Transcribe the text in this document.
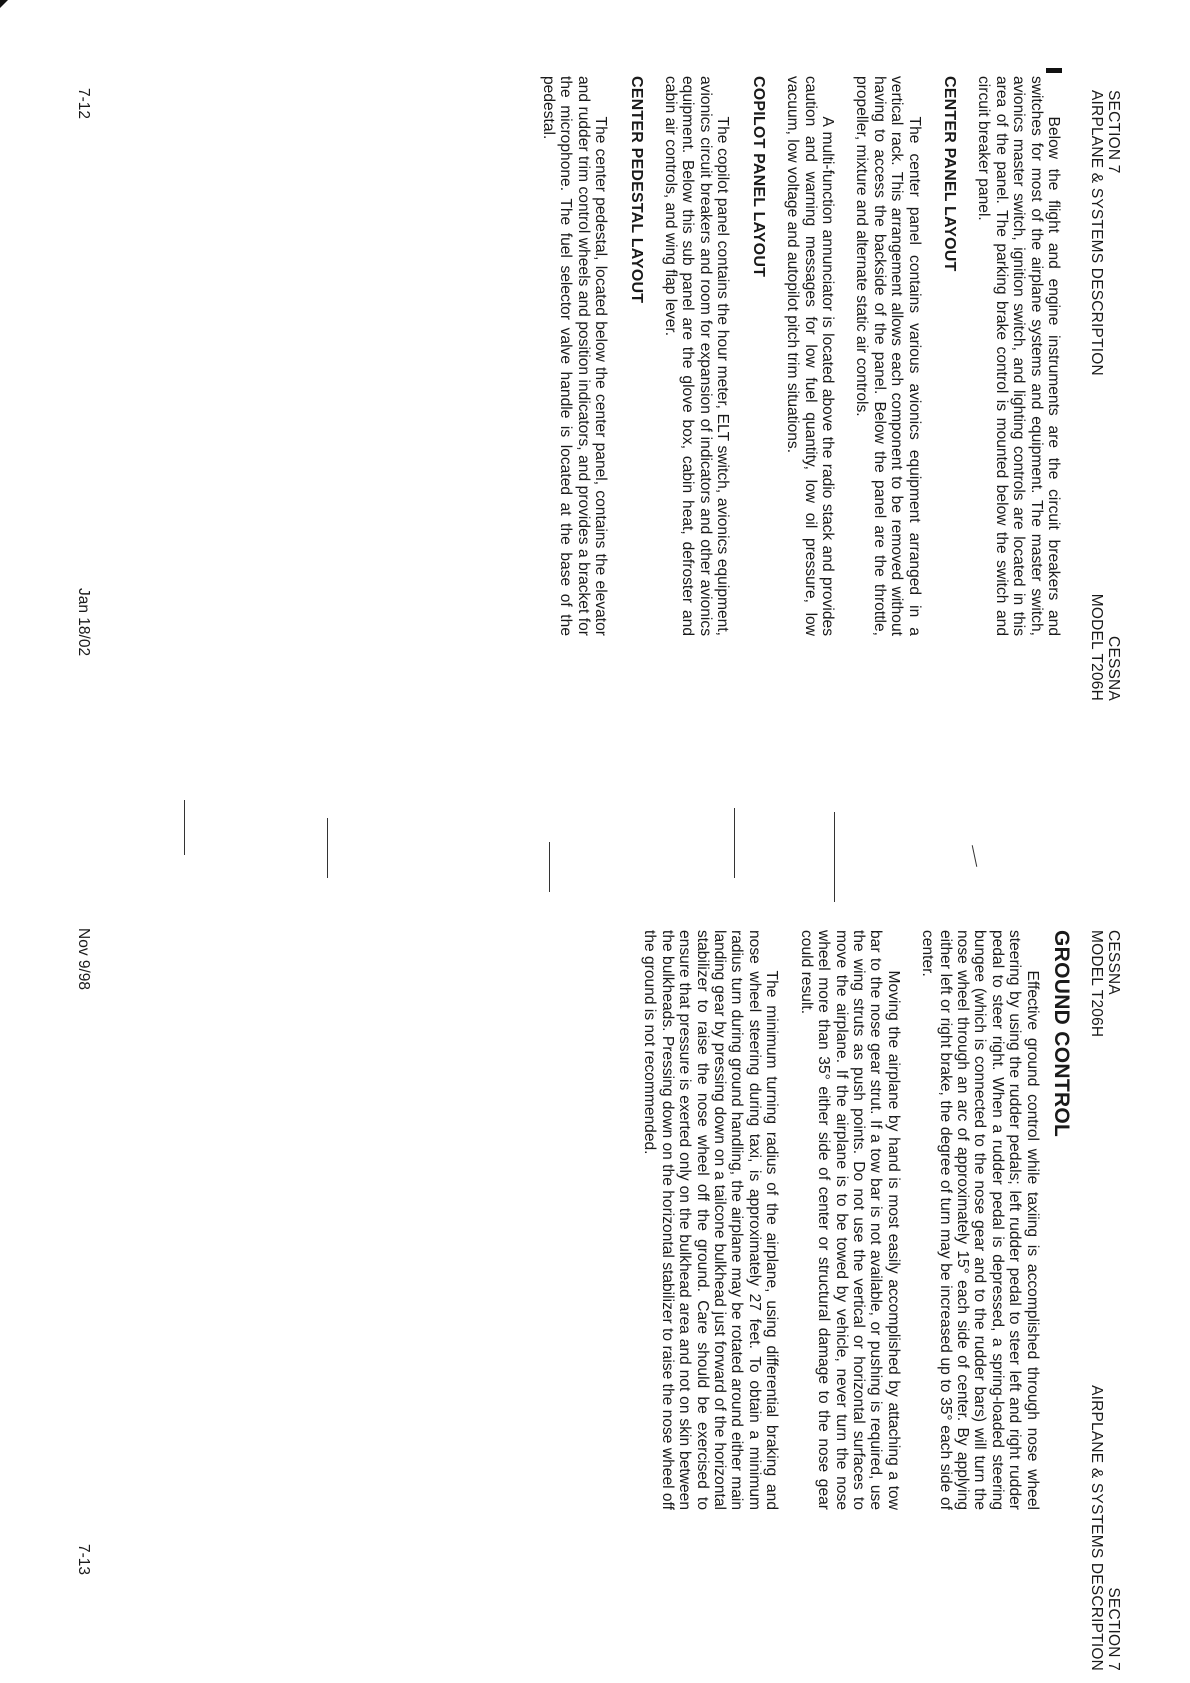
SECTION 7
AIRPLANE & SYSTEMS DESCRIPTION
CESSNA
MODEL T206H

Below the flight and engine instruments are the circuit breakers and switches for most of the airplane systems and equipment. The master switch, avionics master switch, ignition switch, and lighting controls are located in this area of the panel. The parking brake control is mounted below the switch and circuit breaker panel.

CENTER PANEL LAYOUT

The center panel contains various avionics equipment arranged in a vertical rack. This arrangement allows each component to be removed without having to access the backside of the panel. Below the panel are the throttle, propeller, mixture and alternate static air controls.

A multi-function annunciator is located above the radio stack and provides caution and warning messages for low fuel quantity, low oil pressure, low vacuum, low voltage and autopilot pitch trim situations.

COPILOT PANEL LAYOUT

The copilot panel contains the hour meter, ELT switch, avionics equipment, avionics circuit breakers and room for expansion of indicators and other avionics equipment. Below this sub panel are the glove box, cabin heat, defroster and cabin air controls, and wing flap lever.

CENTER PEDESTAL LAYOUT

The center pedestal, located below the center panel, contains the elevator and rudder trim control wheels and position indicators, and provides a bracket for the microphone. The fuel selector valve handle is located at the base of the pedestal.

7-12
Jan 18/02
CESSNA
MODEL T206H
SECTION 7
AIRPLANE & SYSTEMS DESCRIPTION
GROUND CONTROL

Effective ground control while taxiing is accomplished through nose wheel steering by using the rudder pedals; left rudder pedal to steer left and right rudder pedal to steer right. When a rudder pedal is depressed, a spring-loaded steering bungee (which is connected to the nose gear and to the rudder bars) will turn the nose wheel through an arc of approximately 15° each side of center. By applying either left or right brake, the degree of turn may be increased up to 35° each side of center.

Moving the airplane by hand is most easily accomplished by attaching a tow bar to the nose gear strut. If a tow bar is not available, or pushing is required, use the wing struts as push points. Do not use the vertical or horizontal surfaces to move the airplane. If the airplane is to be towed by vehicle, never turn the nose wheel more than 35° either side of center or structural damage to the nose gear could result.

The minimum turning radius of the airplane, using differential braking and nose wheel steering during taxi, is approximately 27 feet. To obtain a minimum radius turn during ground handling, the airplane may be rotated around either main landing gear by pressing down on a tailcone bulkhead just forward of the horizontal stabilizer to raise the nose wheel off the ground. Care should be exercised to ensure that pressure is exerted only on the bulkhead area and not on skin between the bulkheads. Pressing down on the horizontal stabilizer to raise the nose wheel off the ground is not recommended.

Nov 9/98
7-13
